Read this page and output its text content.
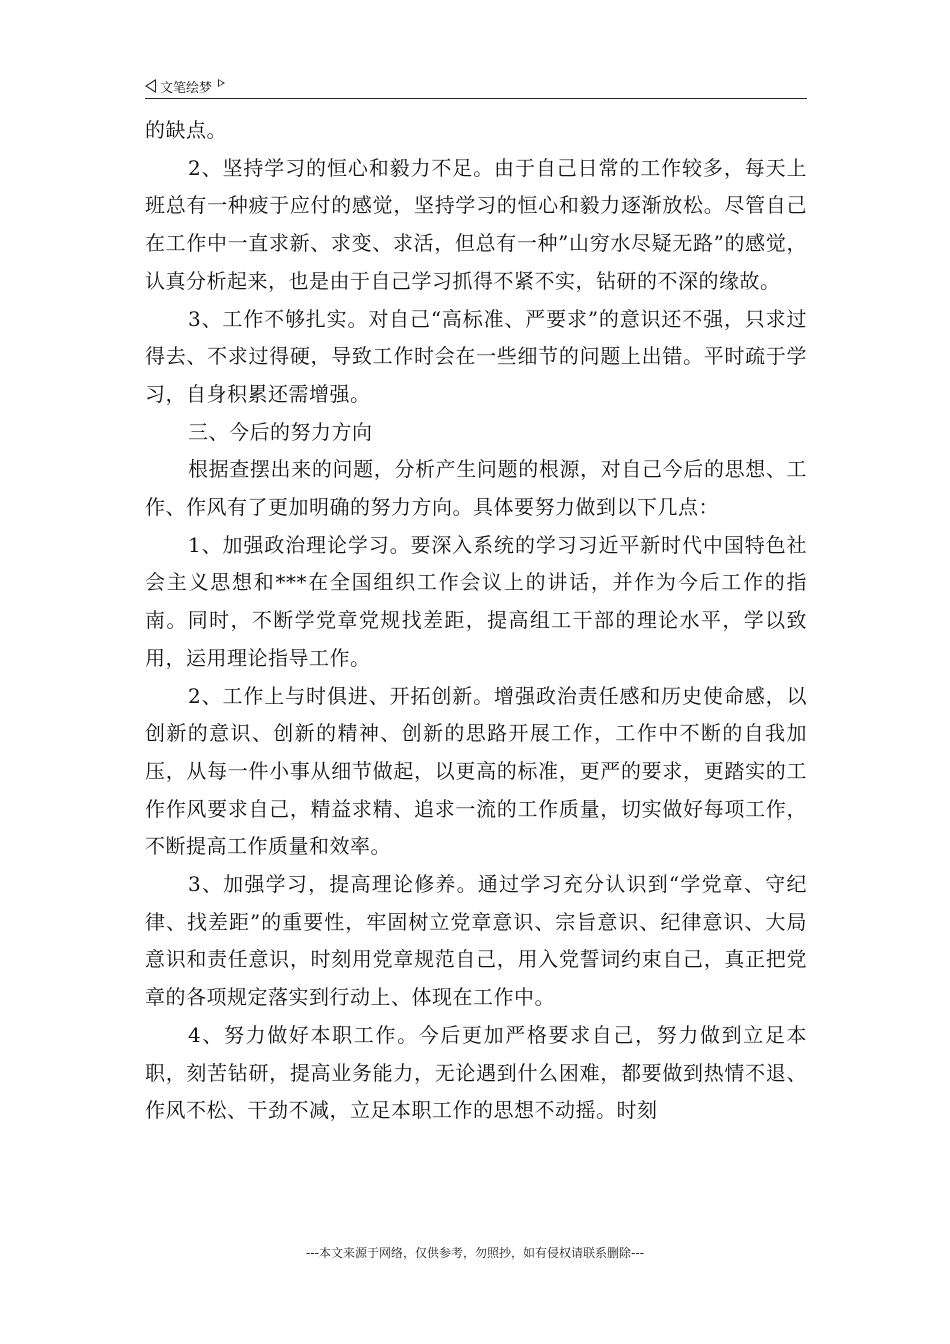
文笔绘梦

的缺点。

2、坚持学习的恒心和毅力不足。由于自己日常的工作较多，每天上班总有一种疲于应付的感觉，坚持学习的恒心和毅力逐渐放松。尽管自己在工作中一直求新、求变、求活，但总有一种”山穷水尽疑无路”的感觉，认真分析起来，也是由于自己学习抓得不紧不实，钻研的不深的缘故。

3、工作不够扎实。对自己“高标准、严要求”的意识还不强，只求过得去、不求过得硬，导致工作时会在一些细节的问题上出错。平时疏于学习，自身积累还需增强。

三、今后的努力方向

根据查摆出来的问题，分析产生问题的根源，对自己今后的思想、工作、作风有了更加明确的努力方向。具体要努力做到以下几点：

1、加强政治理论学习。要深入系统的学习习近平新时代中国特色社会主义思想和***在全国组织工作会议上的讲话，并作为今后工作的指南。同时，不断学党章党规找差距，提高组工干部的理论水平，学以致用，运用理论指导工作。

2、工作上与时俱进、开拓创新。增强政治责任感和历史使命感，以创新的意识、创新的精神、创新的思路开展工作，工作中不断的自我加压，从每一件小事从细节做起，以更高的标准，更严的要求，更踏实的工作作风要求自己，精益求精、追求一流的工作质量，切实做好每项工作，不断提高工作质量和效率。

3、加强学习，提高理论修养。通过学习充分认识到“学党章、守纪律、找差距”的重要性，牢固树立党章意识、宗旨意识、纪律意识、大局意识和责任意识，时刻用党章规范自己，用入党誓词约束自己，真正把党章的各项规定落实到行动上、体现在工作中。

4、努力做好本职工作。今后更加严格要求自己，努力做到立足本职，刻苦钻研，提高业务能力，无论遇到什么困难，都要做到热情不退、作风不松、干劲不减，立足本职工作的思想不动摇。时刻

---本文来源于网络，仅供参考，勿照抄，如有侵权请联系删除---
